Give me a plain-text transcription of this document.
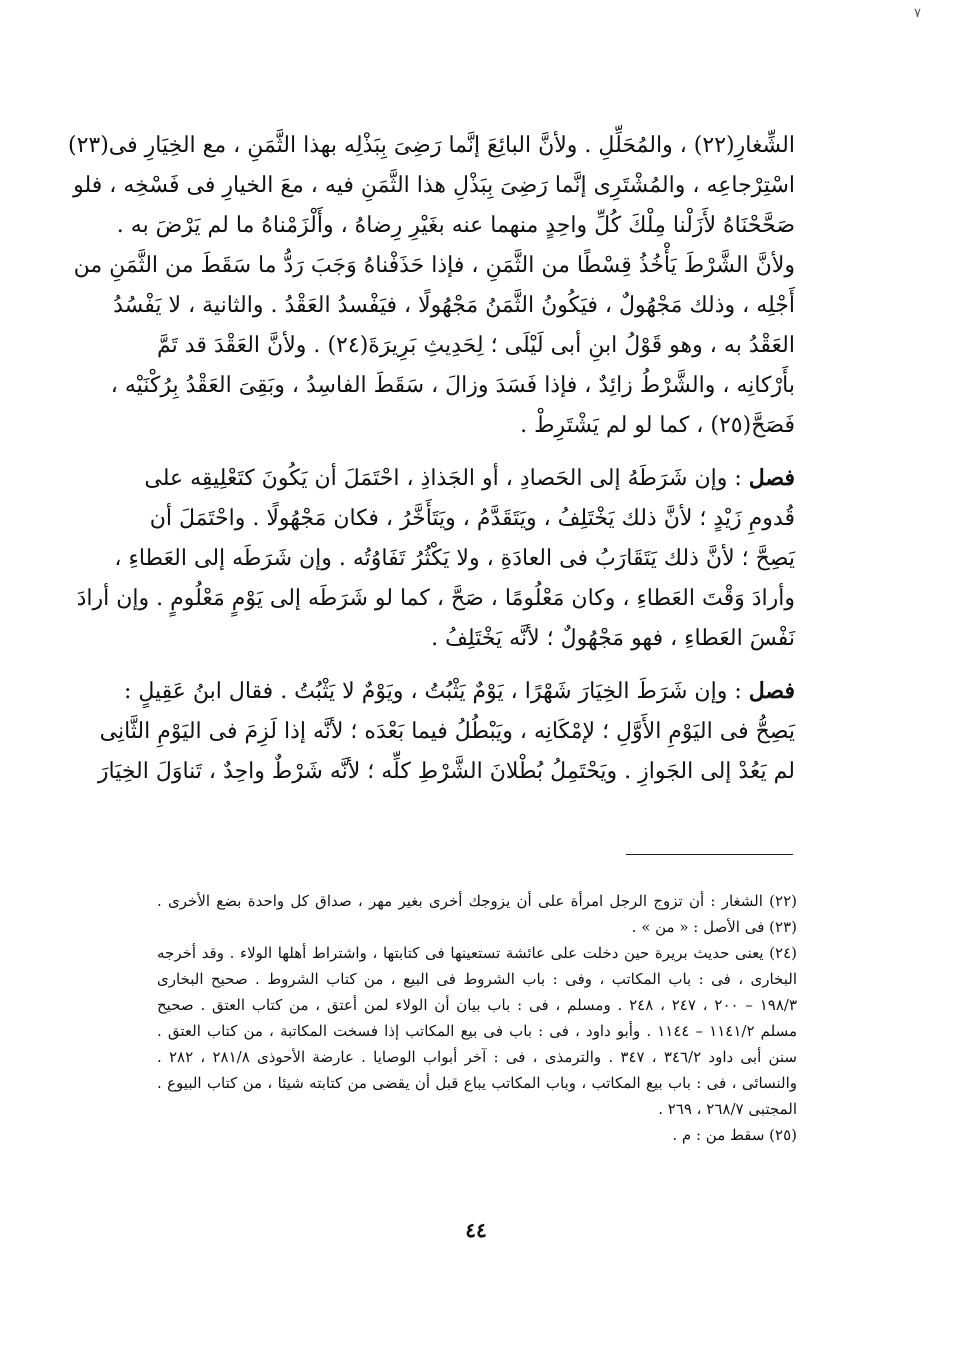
٧

الشِّغارِ(٢٢) ، والمُحَلِّلِ . ولأنَّ البائِعَ إنَّما رَضِىَ بِبَذْلِه بهذا الثَّمَنِ ، مع الخِيَارِ فى(٢٣)
اسْتِرْجاعِه ، والمُشْتَرِى إنَّما رَضِىَ بِبَذْلِ هذا الثَّمَنِ فيه ، معَ الخيارِ فى فَسْخِه ، فلو
صَحَّحْنَاهُ لأَزَلْنا مِلْكَ كُلِّ واحِدٍ منهما عنه بغَيْرِ رِضاهُ ، وأَلْزَمْناهُ ما لم يَرْضَ به .
ولأنَّ الشَّرْطَ يَأْخُذُ قِسْطًا من الثَّمَنِ ، فإذا حَذَفْناهُ وَجَبَ رَدُّ ما سَقَطَ من الثَّمَنِ من
أَجْلِه ، وذلك مَجْهُولٌ ، فيَكُونُ الثَّمَنُ مَجْهُولًا ، فيَفْسدُ العَقْدُ . والثانية ، لا يَفْسُدُ
العَقْدُ به ، وهو قَوْلُ ابنِ أبى لَيْلَى ؛ لِحَدِيثِ بَرِيرَةَ(٢٤) . ولأنَّ العَقْدَ قد تَمَّ
بأَرْكانِه ، والشَّرْطُ زائِدٌ ، فإذا فَسَدَ وزالَ ، سَقَطَ الفاسِدُ ، وبَقِىَ العَقْدُ بِرُكْنَيْه ،
فَصَحَّ(٢٥) ، كما لو لم يَشْتَرِطْ .

فصل : وإن شَرَطَهُ إلى الحَصادِ ، أو الجَذاذِ ، احْتَمَلَ أن يَكُونَ كتَعْلِيقِه على
قُدومِ زَيْدٍ ؛ لأنَّ ذلك يَخْتَلِفُ ، ويَتَقَدَّمُ ، ويَتَأَخَّرُ ، فكان مَجْهُولًا . واحْتَمَلَ أن
يَصِحَّ ؛ لأنَّ ذلك يَتَقَارَبُ فى العادَةِ ، ولا يَكْثُرُ تَفَاوُتُه . وإن شَرَطَه إلى العَطاءِ ،
وأرادَ وَقْتَ العَطاءِ ، وكان مَعْلُومًا ، صَحَّ ، كما لو شَرَطَه إلى يَوْمٍ مَعْلُومٍ . وإن أرادَ
نَفْسَ العَطاءِ ، فهو مَجْهُولٌ ؛ لأنَّه يَخْتَلِفُ .

فصل : وإن شَرَطَ الخِيَارَ شَهْرًا ، يَوْمٌ يَثْبُتُ ، ويَوْمٌ لا يَثْبُتُ . فقال ابنُ عَقِيلٍ :
يَصِحُّ فى اليَوْمِ الأَوَّلِ ؛ لإمْكَانِه ، ويَبْطُلُ فيما بَعْدَه ؛ لأنَّه إذا لَزِمَ فى اليَوْمِ الثَّانِى
لم يَعُدْ إلى الجَوازِ . ويَحْتَمِلُ بُطْلانَ الشَّرْطِ كلِّه ؛ لأنَّه شَرْطٌ واحِدٌ ، تَناوَلَ الخِيَارَ

(٢٢) الشغار : أن تزوج الرجل امرأة على أن يزوجك أخرى بغير مهر ، صداق كل واحدة بضع الأخرى .
(٢٣) فى الأصل : « من » .
(٢٤) يعنى حديث بريرة حين دخلت على عائشة تستعينها فى كتابتها ، واشتراط أهلها الولاء . وقد أخرجه
البخارى ، فى : باب المكاتب ، وفى : باب الشروط فى البيع ، من كتاب الشروط . صحيح البخارى
١٩٨/٣ – ٢٠٠ ، ٢٤٧ ، ٢٤٨ . ومسلم ، فى : باب بيان أن الولاء لمن أعتق ، من كتاب العتق . صحيح
مسلم ١١٤١/٢ – ١١٤٤ . وأبو داود ، فى : باب فى بيع المكاتب إذا فسخت المكاتبة ، من كتاب العتق .
سنن أبى داود ٣٤٦/٢ ، ٣٤٧ . والترمذى ، فى : آخر أبواب الوصايا . عارضة الأحوذى ٢٨١/٨ ، ٢٨٢ .
والنسائى ، فى : باب بيع المكاتب ، وباب المكاتب يباع قبل أن يقضى من كتابته شيئا ، من كتاب البيوع .
المجتبى ٢٦٨/٧ ، ٢٦٩ .
(٢٥) سقط من : م .
٤٤
